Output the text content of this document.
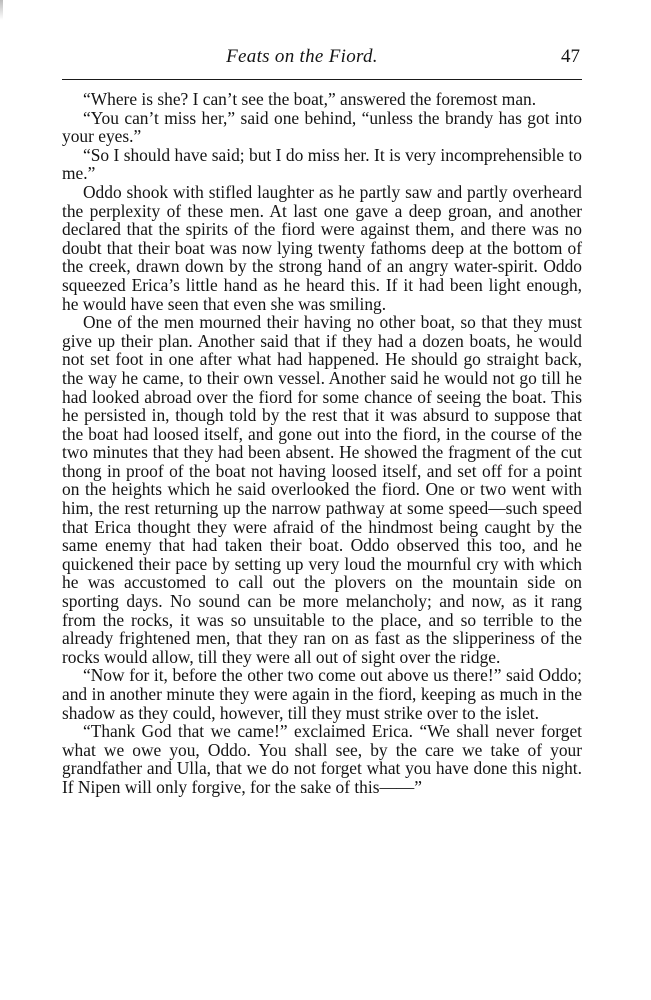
Feats on the Fiord.	47

“Where is she? I can’t see the boat,” answered the foremost man.

“You can’t miss her,” said one behind, “unless the brandy has got into your eyes.”

“So I should have said; but I do miss her. It is very incomprehensible to me.”

Oddo shook with stifled laughter as he partly saw and partly overheard the perplexity of these men. At last one gave a deep groan, and another declared that the spirits of the fiord were against them, and there was no doubt that their boat was now lying twenty fathoms deep at the bottom of the creek, drawn down by the strong hand of an angry water-spirit. Oddo squeezed Erica’s little hand as he heard this. If it had been light enough, he would have seen that even she was smiling.

One of the men mourned their having no other boat, so that they must give up their plan. Another said that if they had a dozen boats, he would not set foot in one after what had happened. He should go straight back, the way he came, to their own vessel. Another said he would not go till he had looked abroad over the fiord for some chance of seeing the boat. This he persisted in, though told by the rest that it was absurd to suppose that the boat had loosed itself, and gone out into the fiord, in the course of the two minutes that they had been absent. He showed the fragment of the cut thong in proof of the boat not having loosed itself, and set off for a point on the heights which he said overlooked the fiord. One or two went with him, the rest returning up the narrow pathway at some speed—such speed that Erica thought they were afraid of the hindmost being caught by the same enemy that had taken their boat. Oddo observed this too, and he quickened their pace by setting up very loud the mournful cry with which he was accustomed to call out the plovers on the mountain side on sporting days. No sound can be more melancholy; and now, as it rang from the rocks, it was so unsuitable to the place, and so terrible to the already frightened men, that they ran on as fast as the slipperiness of the rocks would allow, till they were all out of sight over the ridge.

“Now for it, before the other two come out above us there!” said Oddo; and in another minute they were again in the fiord, keeping as much in the shadow as they could, however, till they must strike over to the islet.

“Thank God that we came!” exclaimed Erica. “We shall never forget what we owe you, Oddo. You shall see, by the care we take of your grandfather and Ulla, that we do not forget what you have done this night. If Nipen will only forgive, for the sake of this——”
